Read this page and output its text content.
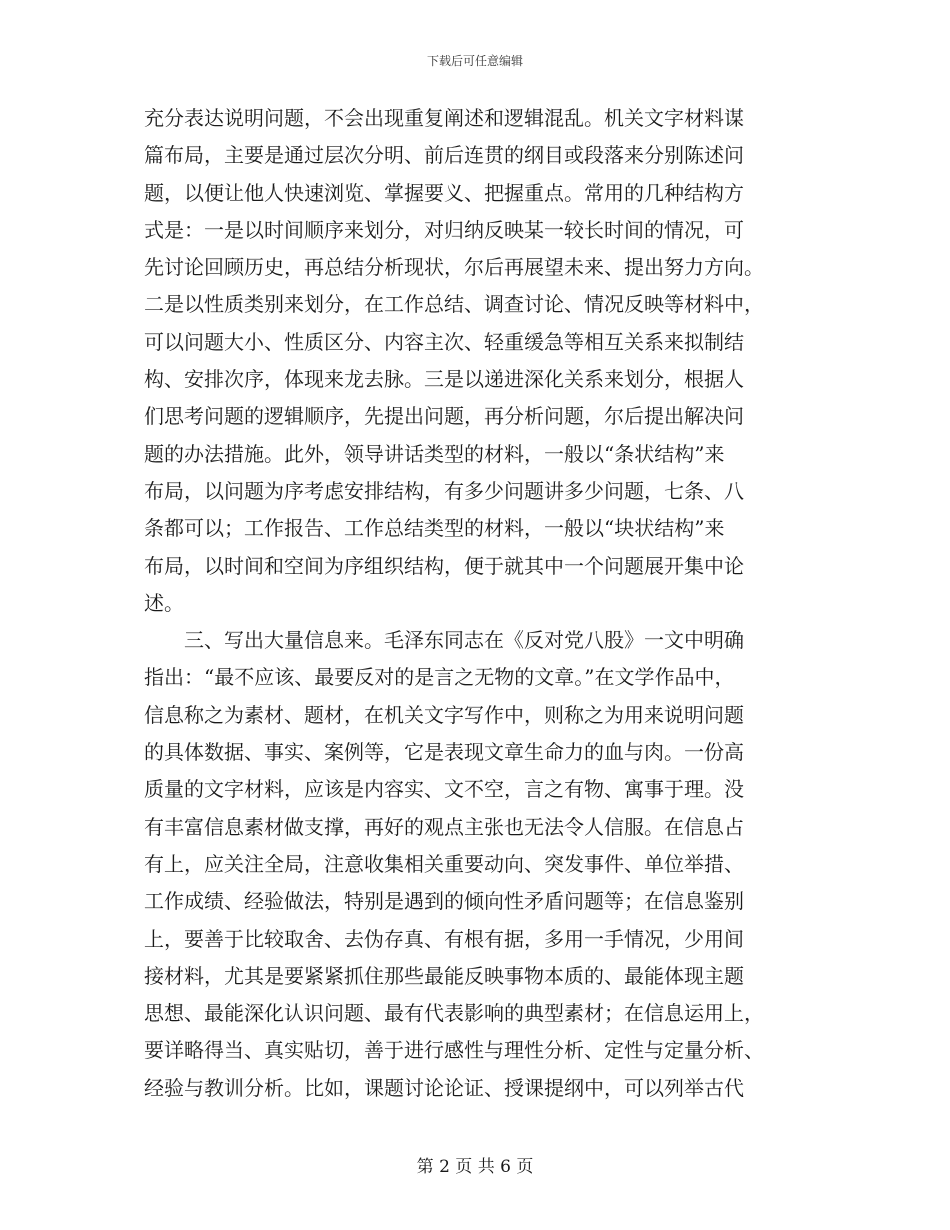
下载后可任意编辑
充分表达说明问题，不会出现重复阐述和逻辑混乱。机关文字材料谋
篇布局，主要是通过层次分明、前后连贯的纲目或段落来分别陈述问
题，以便让他人快速浏览、掌握要义、把握重点。常用的几种结构方
式是：一是以时间顺序来划分，对归纳反映某一较长时间的情况，可
先讨论回顾历史，再总结分析现状，尔后再展望未来、提出努力方向。
二是以性质类别来划分，在工作总结、调查讨论、情况反映等材料中，
可以问题大小、性质区分、内容主次、轻重缓急等相互关系来拟制结
构、安排次序，体现来龙去脉。三是以递进深化关系来划分，根据人
们思考问题的逻辑顺序，先提出问题，再分析问题，尔后提出解决问
题的办法措施。此外，领导讲话类型的材料，一般以“条状结构”来
布局，以问题为序考虑安排结构，有多少问题讲多少问题，七条、八
条都可以；工作报告、工作总结类型的材料，一般以“块状结构”来
布局，以时间和空间为序组织结构，便于就其中一个问题展开集中论
述。
　　三、写出大量信息来。毛泽东同志在《反对党八股》一文中明确
指出：“最不应该、最要反对的是言之无物的文章。”在文学作品中，
信息称之为素材、题材，在机关文字写作中，则称之为用来说明问题
的具体数据、事实、案例等，它是表现文章生命力的血与肉。一份高
质量的文字材料，应该是内容实、文不空，言之有物、寓事于理。没
有丰富信息素材做支撑，再好的观点主张也无法令人信服。在信息占
有上，应关注全局，注意收集相关重要动向、突发事件、单位举措、
工作成绩、经验做法，特别是遇到的倾向性矛盾问题等；在信息鉴别
上，要善于比较取舍、去伪存真、有根有据，多用一手情况，少用间
接材料，尤其是要紧紧抓住那些最能反映事物本质的、最能体现主题
思想、最能深化认识问题、最有代表影响的典型素材；在信息运用上，
要详略得当、真实贴切，善于进行感性与理性分析、定性与定量分析、
经验与教训分析。比如，课题讨论论证、授课提纲中，可以列举古代
第 2 页 共 6 页
